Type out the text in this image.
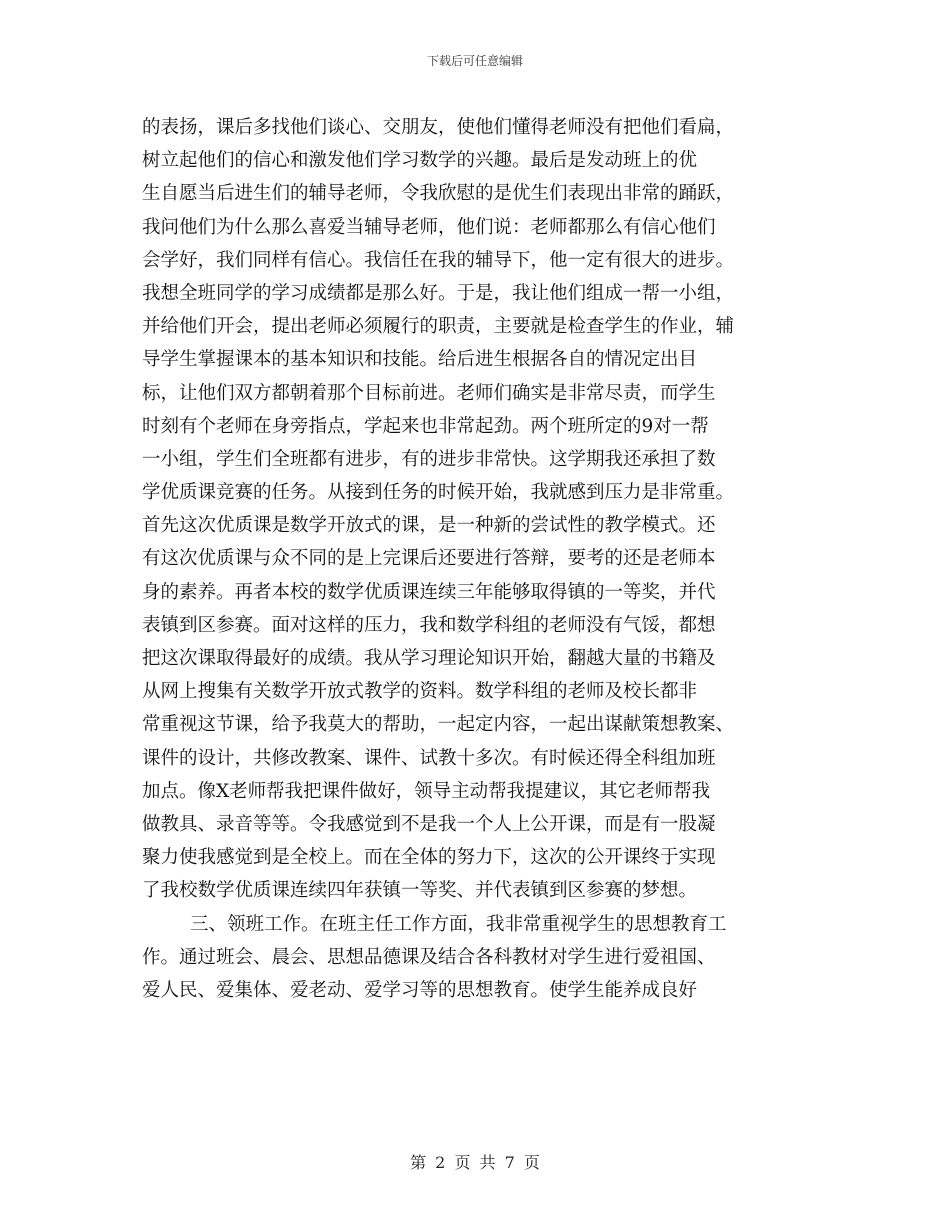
下载后可任意编辑
的表扬，课后多找他们谈心、交朋友，使他们懂得老师没有把他们看扁，
树立起他们的信心和激发他们学习数学的兴趣。最后是发动班上的优
生自愿当后进生们的辅导老师，令我欣慰的是优生们表现出非常的踊跃，
我问他们为什么那么喜爱当辅导老师，他们说：老师都那么有信心他们
会学好，我们同样有信心。我信任在我的辅导下，他一定有很大的进步。
我想全班同学的学习成绩都是那么好。于是，我让他们组成一帮一小组，
并给他们开会，提出老师必须履行的职责，主要就是检查学生的作业，辅
导学生掌握课本的基本知识和技能。给后进生根据各自的情况定出目
标，让他们双方都朝着那个目标前进。老师们确实是非常尽责，而学生
时刻有个老师在身旁指点，学起来也非常起劲。两个班所定的9对一帮
一小组，学生们全班都有进步，有的进步非常快。这学期我还承担了数
学优质课竞赛的任务。从接到任务的时候开始，我就感到压力是非常重。
首先这次优质课是数学开放式的课，是一种新的尝试性的教学模式。还
有这次优质课与众不同的是上完课后还要进行答辩，要考的还是老师本
身的素养。再者本校的数学优质课连续三年能够取得镇的一等奖，并代
表镇到区参赛。面对这样的压力，我和数学科组的老师没有气馁，都想
把这次课取得最好的成绩。我从学习理论知识开始，翻越大量的书籍及
从网上搜集有关数学开放式教学的资料。数学科组的老师及校长都非
常重视这节课，给予我莫大的帮助，一起定内容，一起出谋献策想教案、
课件的设计，共修改教案、课件、试教十多次。有时候还得全科组加班
加点。像X老师帮我把课件做好，领导主动帮我提建议，其它老师帮我
做教具、录音等等。令我感觉到不是我一个人上公开课，而是有一股凝
聚力使我感觉到是全校上。而在全体的努力下，这次的公开课终于实现
了我校数学优质课连续四年获镇一等奖、并代表镇到区参赛的梦想。
三、领班工作。在班主任工作方面，我非常重视学生的思想教育工
作。通过班会、晨会、思想品德课及结合各科教材对学生进行爱祖国、
爱人民、爱集体、爱老动、爱学习等的思想教育。使学生能养成良好
第 2 页 共 7 页
